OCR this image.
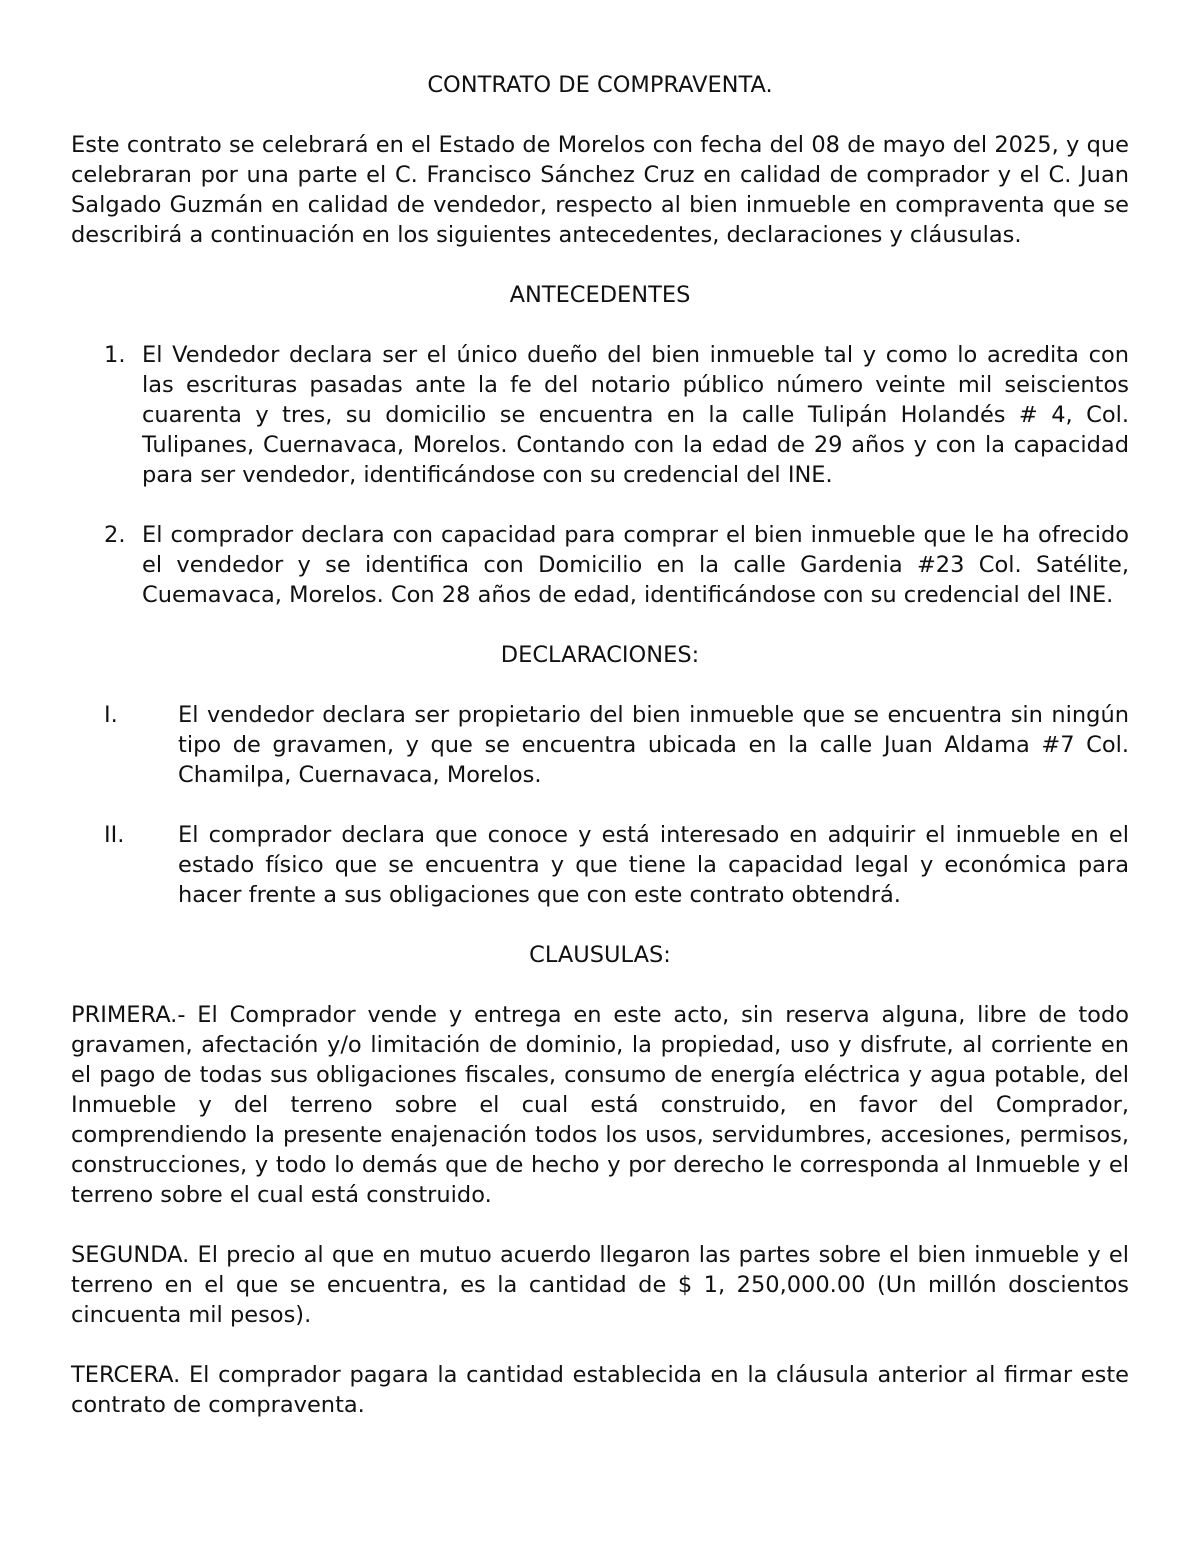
CONTRATO DE COMPRAVENTA.

Este contrato se celebrará en el Estado de Morelos con fecha del 08 de mayo del 2025, y que celebraran por una parte el C. Francisco Sánchez Cruz en calidad de comprador y el C. Juan Salgado Guzmán en calidad de vendedor, respecto al bien inmueble en compraventa que se describirá a continuación en los siguientes antecedentes, declaraciones y cláusulas.

ANTECEDENTES

1. El Vendedor declara ser el único dueño del bien inmueble tal y como lo acredita con las escrituras pasadas ante la fe del notario público número veinte mil seiscientos cuarenta y tres, su domicilio se encuentra en la calle Tulipán Holandés # 4, Col. Tulipanes, Cuernavaca, Morelos. Contando con la edad de 29 años y con la capacidad para ser vendedor, identificándose con su credencial del INE.
2. El comprador declara con capacidad para comprar el bien inmueble que le ha ofrecido el vendedor y se identifica con Domicilio en la calle Gardenia #23 Col. Satélite, Cuemavaca, Morelos. Con 28 años de edad, identificándose con su credencial del INE.

DECLARACIONES:

I.	El vendedor declara ser propietario del bien inmueble que se encuentra sin ningún tipo de gravamen, y que se encuentra ubicada en la calle Juan Aldama #7 Col. Chamilpa, Cuernavaca, Morelos.
II. El comprador declara que conoce y está interesado en adquirir el inmueble en el estado físico que se encuentra y que tiene la capacidad legal y económica para hacer frente a sus obligaciones que con este contrato obtendrá.

CLAUSULAS:

PRIMERA.- El Comprador vende y entrega en este acto, sin reserva alguna, libre de todo gravamen, afectación y/o limitación de dominio, la propiedad, uso y disfrute, al corriente en el pago de todas sus obligaciones fiscales, consumo de energía eléctrica y agua potable, del Inmueble y del terreno sobre el cual está construido, en favor del Comprador, comprendiendo la presente enajenación todos los usos, servidumbres, accesiones, permisos, construcciones, y todo lo demás que de hecho y por derecho le corresponda al Inmueble y el terreno sobre el cual está construido.

SEGUNDA. El precio al que en mutuo acuerdo llegaron las partes sobre el bien inmueble y el terreno en el que se encuentra, es la cantidad de $ 1, 250,000.00 (Un millón doscientos cincuenta mil pesos).

TERCERA. El comprador pagara la cantidad establecida en la cláusula anterior al firmar este contrato de compraventa.
